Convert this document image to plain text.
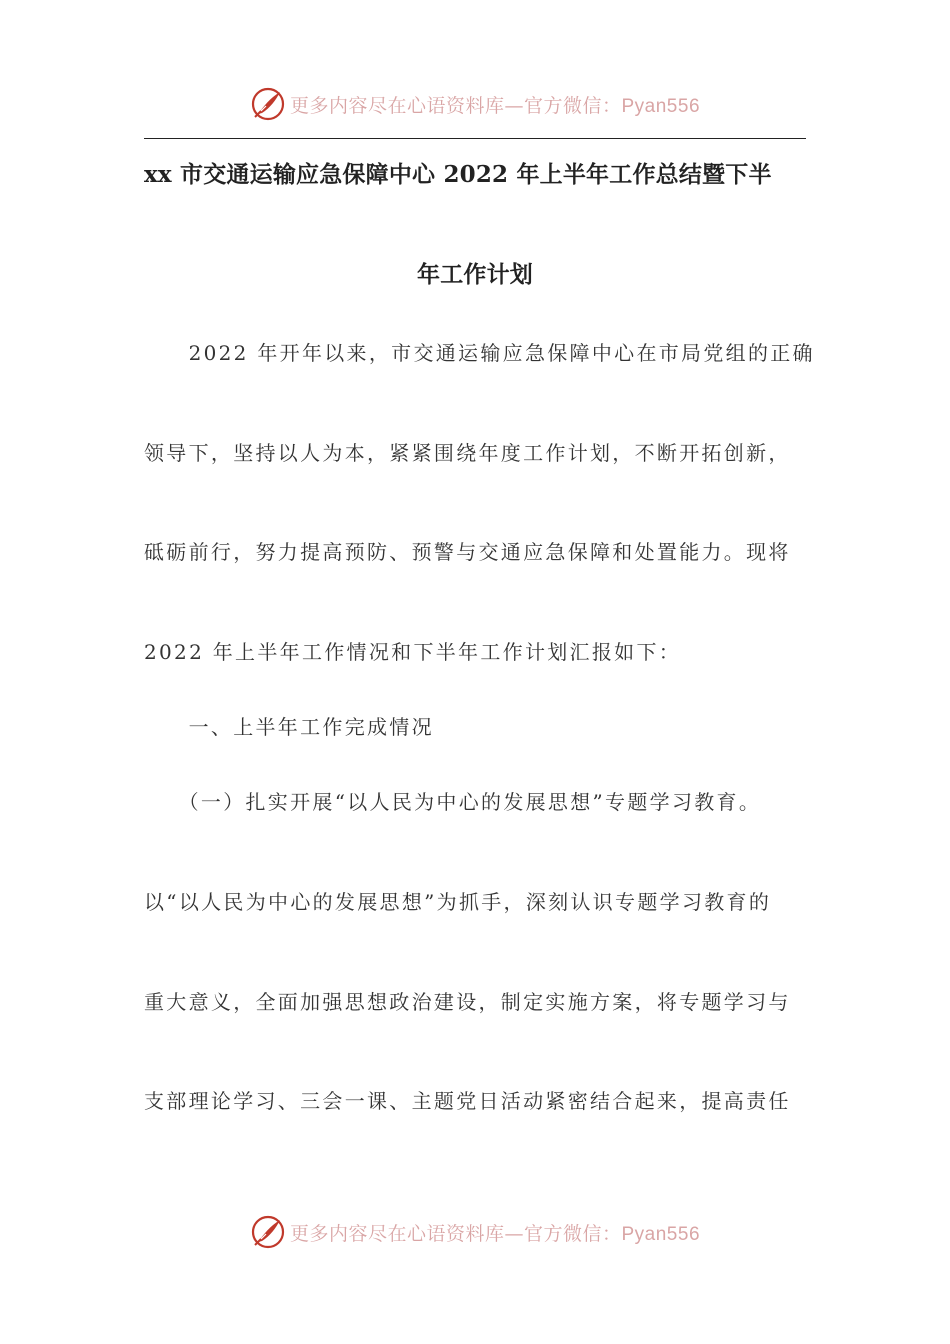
更多内容尽在心语资料库—官方微信：Pyan556
xx 市交通运输应急保障中心 2022 年上半年工作总结暨下半
年工作计划
　　2022 年开年以来，市交通运输应急保障中心在市局党组的正确
领导下，坚持以人为本，紧紧围绕年度工作计划，不断开拓创新，
砥砺前行，努力提高预防、预警与交通应急保障和处置能力。现将
2022 年上半年工作情况和下半年工作计划汇报如下：
　　一、上半年工作完成情况
　　（一）扎实开展“以人民为中心的发展思想”专题学习教育。
以“以人民为中心的发展思想”为抓手，深刻认识专题学习教育的
重大意义，全面加强思想政治建设，制定实施方案，将专题学习与
支部理论学习、三会一课、主题党日活动紧密结合起来，提高责任
更多内容尽在心语资料库—官方微信：Pyan556
